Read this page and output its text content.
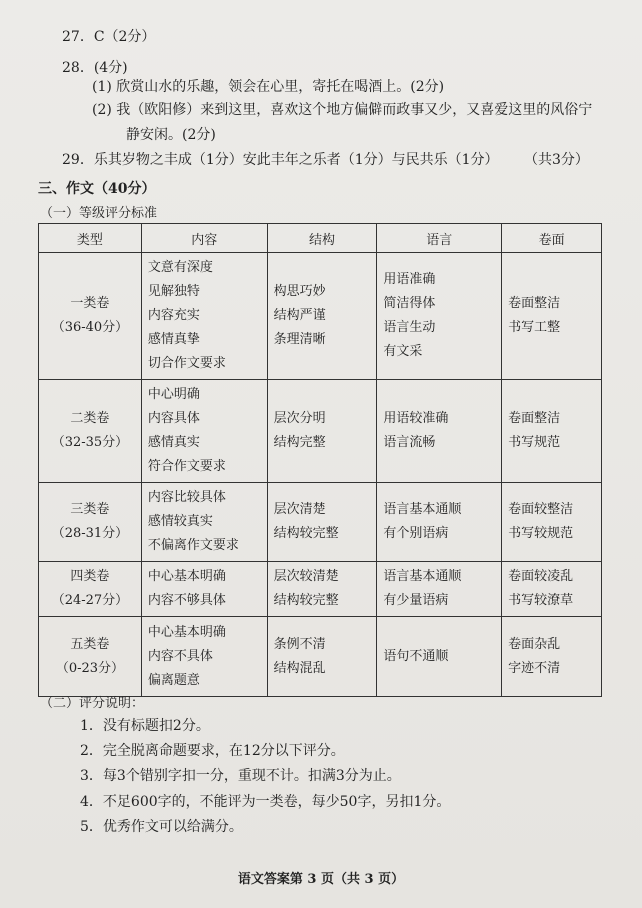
27．C（2分）
28．(4分)
(1) 欣赏山水的乐趣，领会在心里，寄托在喝酒上。(2分)
(2) 我（欧阳修）来到这里，喜欢这个地方偏僻而政事又少，又喜爱这里的风俗宁
静安闲。(2分)
29．乐其岁物之丰成（1分）安此丰年之乐者（1分）与民共乐（1分） （共3分）
三、作文（40分）
（一）等级评分标准
类型	内容	结构	语言	卷面

一类卷
（36-40分）	文意有深度
见解独特
内容充实
感情真挚
切合作文要求	构思巧妙
结构严谨
条理清晰	用语准确
简洁得体
语言生动
有文采	卷面整洁
书写工整

二类卷
（32-35分）	中心明确
内容具体
感情真实
符合作文要求	层次分明
结构完整	用语较准确
语言流畅	卷面整洁
书写规范

三类卷
（28-31分）	内容比较具体
感情较真实
不偏离作文要求	层次清楚
结构较完整	语言基本通顺
有个别语病	卷面较整洁
书写较规范

四类卷
（24-27分）	中心基本明确
内容不够具体	层次较清楚
结构较完整	语言基本通顺
有少量语病	卷面较凌乱
书写较潦草

五类卷
（0-23分）	中心基本明确
内容不具体
偏离题意	条例不清
结构混乱	语句不通顺	卷面杂乱
字迹不清
（二）评分说明：
1．没有标题扣2分。
2．完全脱离命题要求，在12分以下评分。
3．每3个错别字扣一分，重现不计。扣满3分为止。
4．不足600字的，不能评为一类卷，每少50字，另扣1分。
5．优秀作文可以给满分。
语文答案第 3 页（共 3 页）
